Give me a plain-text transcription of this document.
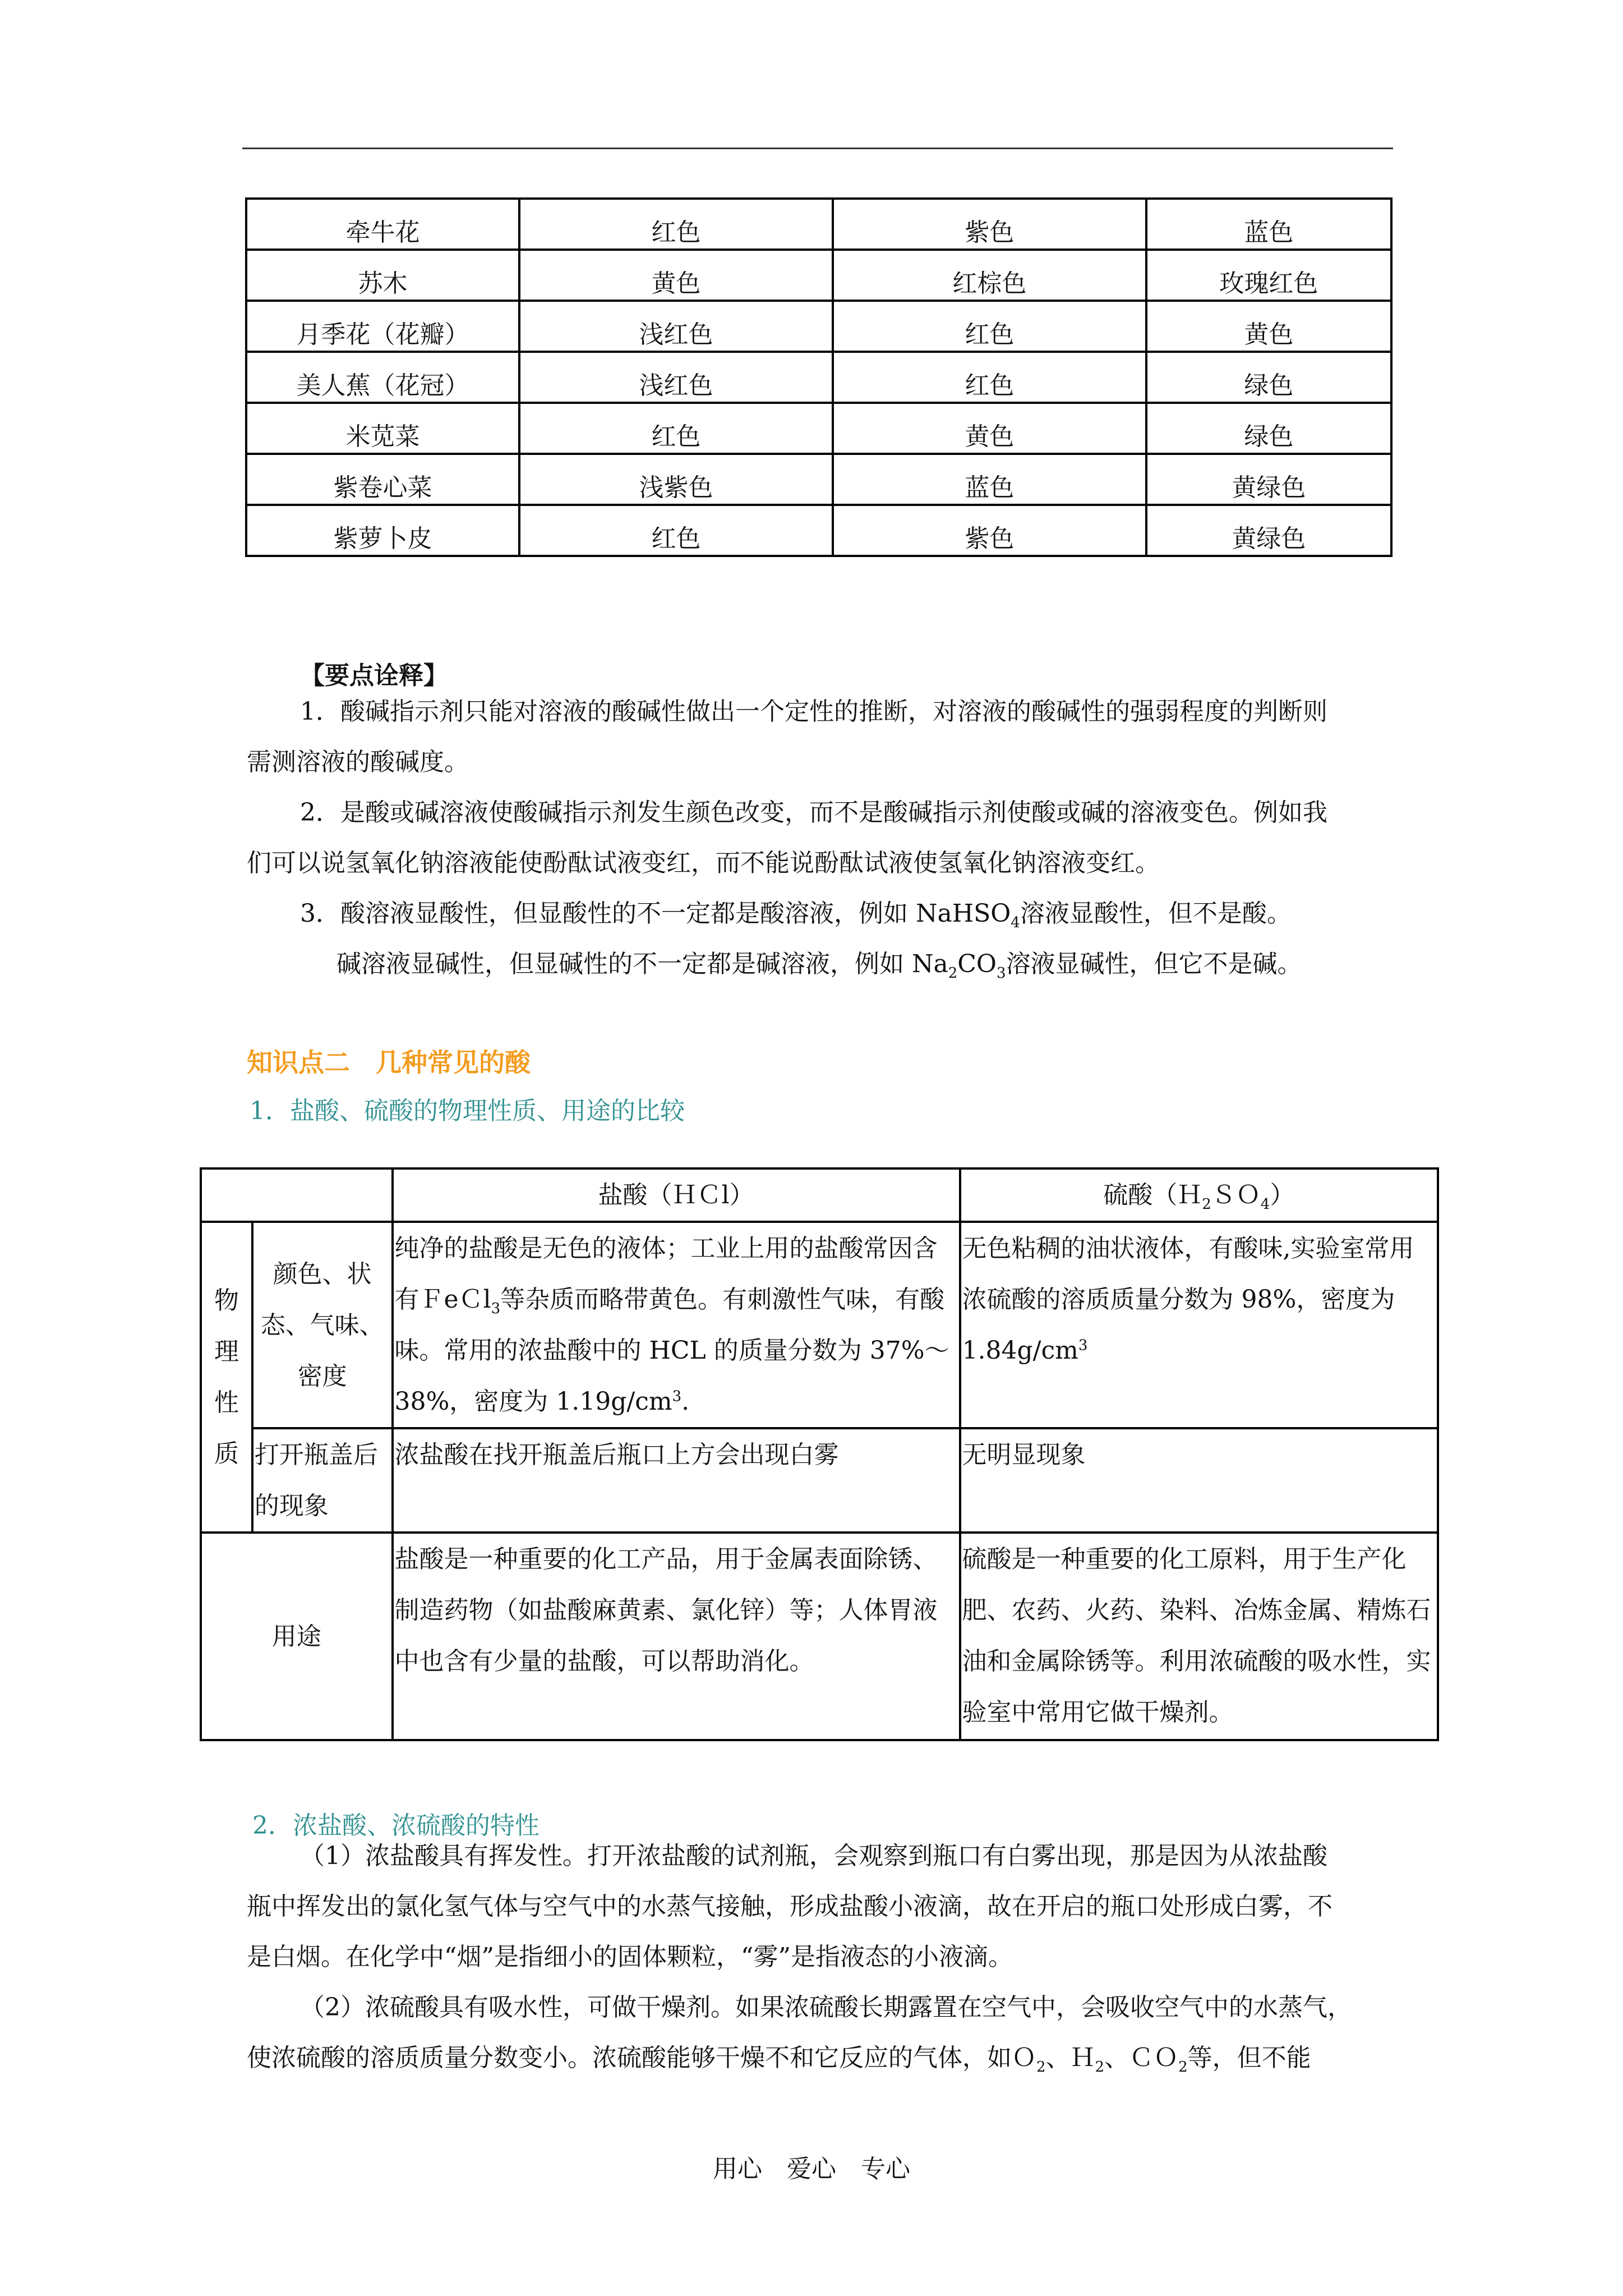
牵牛花	红色	紫色	蓝色
苏木	黄色	红棕色	玫瑰红色
月季花（花瓣）	浅红色	红色	黄色
美人蕉（花冠）	浅红色	红色	绿色
米苋菜	红色	黄色	绿色
紫卷心菜	浅紫色	蓝色	黄绿色
紫萝卜皮	红色	紫色	黄绿色
【要点诠释】
1．酸碱指示剂只能对溶液的酸碱性做出一个定性的推断，对溶液的酸碱性的强弱程度的判断则
需测溶液的酸碱度。
2．是酸或碱溶液使酸碱指示剂发生颜色改变，而不是酸碱指示剂使酸或碱的溶液变色。例如我
们可以说氢氧化钠溶液能使酚酞试液变红，而不能说酚酞试液使氢氧化钠溶液变红。
3．酸溶液显酸性，但显酸性的不一定都是酸溶液，例如 NaHSO$_4$溶液显酸性，但不是酸。
碱溶液显碱性，但显碱性的不一定都是碱溶液，例如 $Na_2CO_3$溶液显碱性，但它不是碱。
知识点二　几种常见的酸
1．盐酸、硫酸的物理性质、用途的比较
		盐酸（ＨＣl）	硫酸（Ｈ$_2$ＳＯ$_4$）

物
理
性
质	颜色、状态、气味、密度	纯净的盐酸是无色的液体；工业上用的盐酸常因含有ＦeＣl$_3$等杂质而略带黄色。有刺激性气味，有酸味。常用的浓盐酸中的 HCL 的质量分数为 37%～38%，密度为 $1.19g/cm^3$.	无色粘稠的油状液体，有酸味,实验室常用浓硫酸的溶质质量分数为 98%，密度为 $1.84g/cm^3$
	打开瓶盖后的现象	浓盐酸在找开瓶盖后瓶口上方会出现白雾	无明显现象
用途		盐酸是一种重要的化工产品，用于金属表面除锈、制造药物（如盐酸麻黄素、氯化锌）等；人体胃液中也含有少量的盐酸，可以帮助消化。	硫酸是一种重要的化工原料，用于生产化肥、农药、火药、染料、冶炼金属、精炼石油和金属除锈等。利用浓硫酸的吸水性，实验室中常用它做干燥剂。
2．浓盐酸、浓硫酸的特性
（1）浓盐酸具有挥发性。打开浓盐酸的试剂瓶，会观察到瓶口有白雾出现，那是因为从浓盐酸
瓶中挥发出的氯化氢气体与空气中的水蒸气接触，形成盐酸小液滴，故在开启的瓶口处形成白雾，不
是白烟。在化学中“烟”是指细小的固体颗粒，“雾”是指液态的小液滴。
（2）浓硫酸具有吸水性，可做干燥剂。如果浓硫酸长期露置在空气中，会吸收空气中的水蒸气，
使浓硫酸的溶质质量分数变小。浓硫酸能够干燥不和它反应的气体，如Ｏ$_2$、Ｈ$_2$、ＣＯ$_2$等，但不能
用心　爱心　专心
